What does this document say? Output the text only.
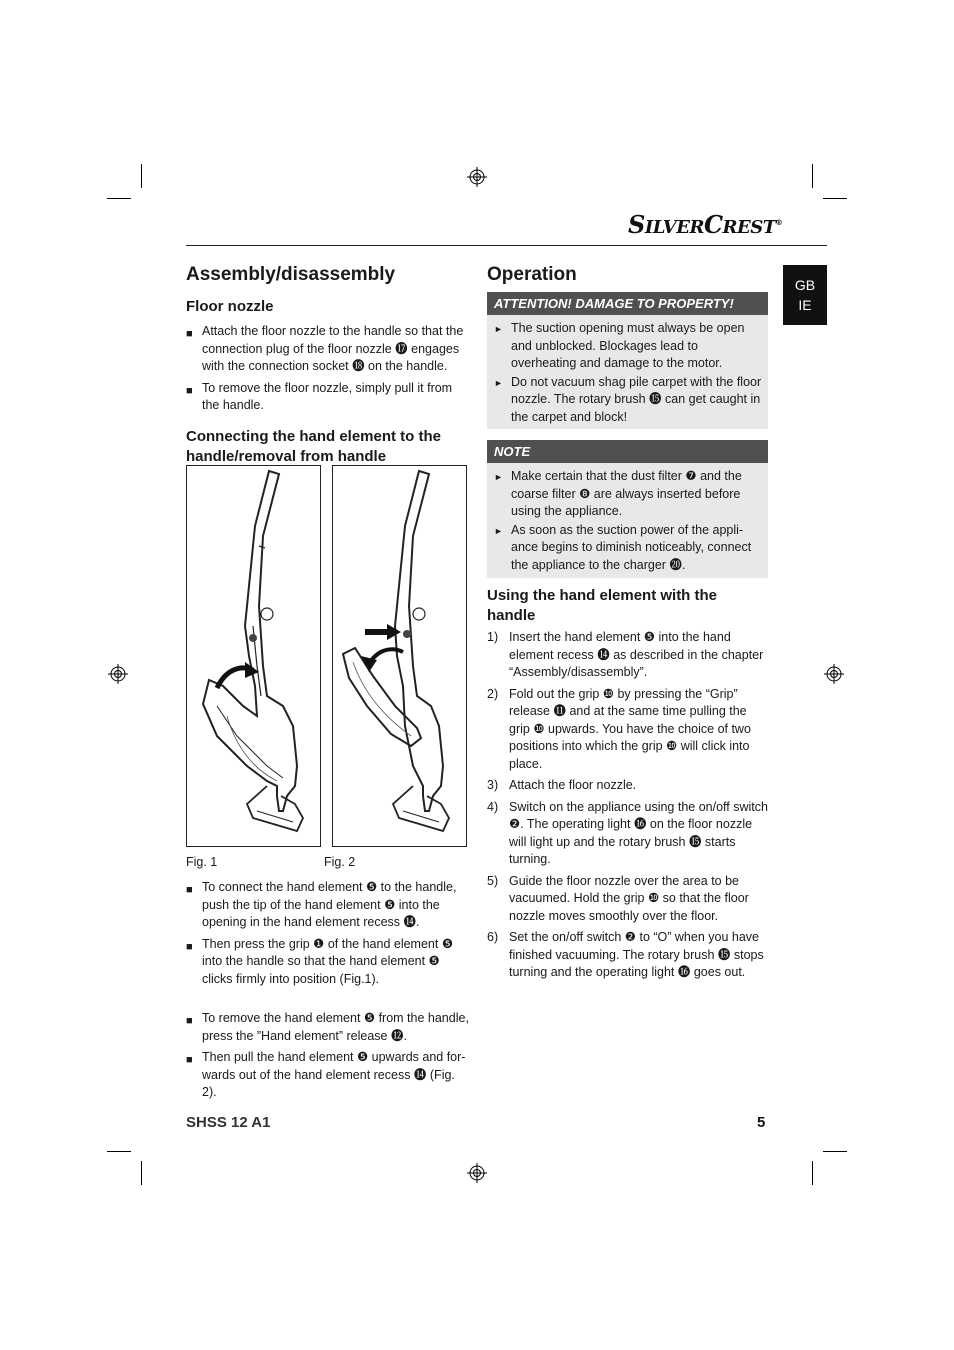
SILVERCREST®
GB
IE
Assembly/disassembly
Floor nozzle
■ Attach the floor nozzle to the handle so that the connection plug of the floor nozzle ⓱ engages with the connection socket ⓲ on the handle.
■ To remove the floor nozzle, simply pull it from the handle.
Connecting the hand element to the
handle/removal from handle
Fig. 1	Fig. 2
■ To connect the hand element ❺ to the handle, push the tip of the hand element ❺ into the opening in the hand element recess ⓮.
■ Then press the grip ❶ of the hand element ❺ into the handle so that the hand element ❺ clicks firmly into position (Fig.1).
■ To remove the hand element ❺ from the handle, press the ”Hand element” release ⓬.
■ Then pull the hand element ❺ upwards and for-wards out of the hand element recess ⓮ (Fig. 2).
Operation
ATTENTION! DAMAGE TO PROPERTY!
► The suction opening must always be open and unblocked. Blockages lead to overheating and damage to the motor.
► Do not vacuum shag pile carpet with the floor nozzle. The rotary brush ⓯ can get caught in the carpet and block!
NOTE
► Make certain that the dust filter ❼ and the coarse filter ❽ are always inserted before using the appliance.
► As soon as the suction power of the appli-ance begins to diminish noticeably, connect the appliance to the charger ⓴.
Using the hand element with the
handle
1) Insert the hand element ❺ into the hand element recess ⓮ as described in the chapter “Assembly/disassembly”.
2) Fold out the grip ❿ by pressing the “Grip” release ⓫ and at the same time pulling the grip ❿ upwards. You have the choice of two positions into which the grip ❿ will click into place.
3) Attach the floor nozzle.
4) Switch on the appliance using the on/off switch ❷. The operating light ⓰ on the floor nozzle will light up and the rotary brush ⓯ starts turning.
5) Guide the floor nozzle over the area to be vacuumed. Hold the grip ❿ so that the floor nozzle moves smoothly over the floor.
6) Set the on/off switch ❷ to “O” when you have finished vacuuming. The rotary brush ⓯ stops turning and the operating light ⓰ goes out.
SHSS 12 A1	5
